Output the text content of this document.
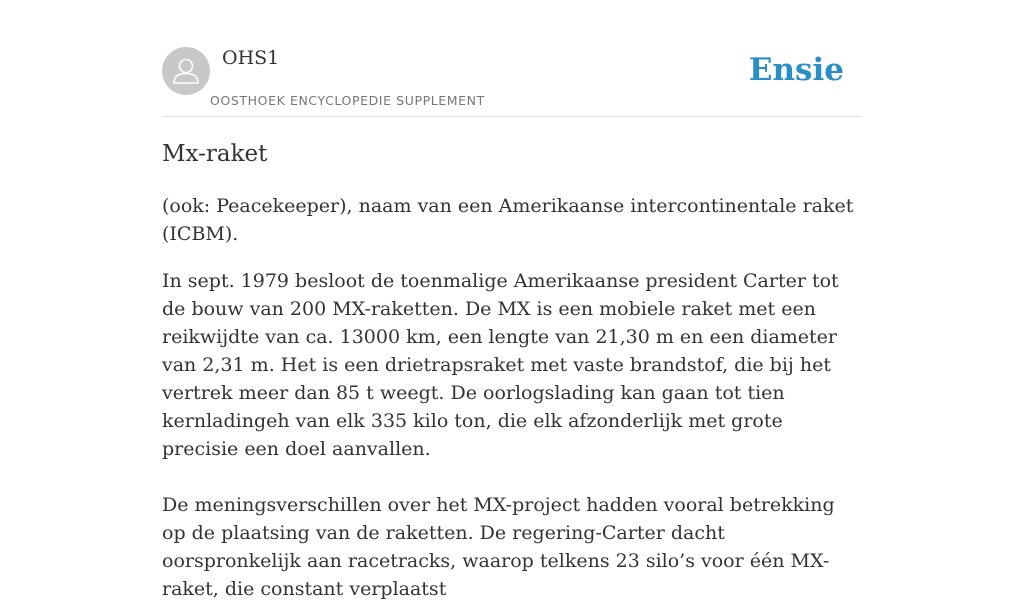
OHS1
OOSTHOEK ENCYCLOPEDIE SUPPLEMENT
Ensie
Mx-raket

(ook: Peacekeeper), naam van een Amerikaanse intercontinentale raket (ICBM).

In sept. 1979 besloot de toenmalige Amerikaanse president Carter tot de bouw van 200 MX-raketten. De MX is een mobiele raket met een reikwijdte van ca. 13000 km, een lengte van 21,30 m en een diameter van 2,31 m. Het is een drietrapsraket met vaste brandstof, die bij het vertrek meer dan 85 t weegt. De oorlogslading kan gaan tot tien kernladingeh van elk 335 kilo ton, die elk afzonderlijk met grote precisie een doel aanvallen.

De meningsverschillen over het MX-project hadden vooral betrekking op de plaatsing van de raketten. De regering-Carter dacht oorspronkelijk aan racetracks, waarop telkens 23 silo’s voor één MX-raket, die constant verplaatst
